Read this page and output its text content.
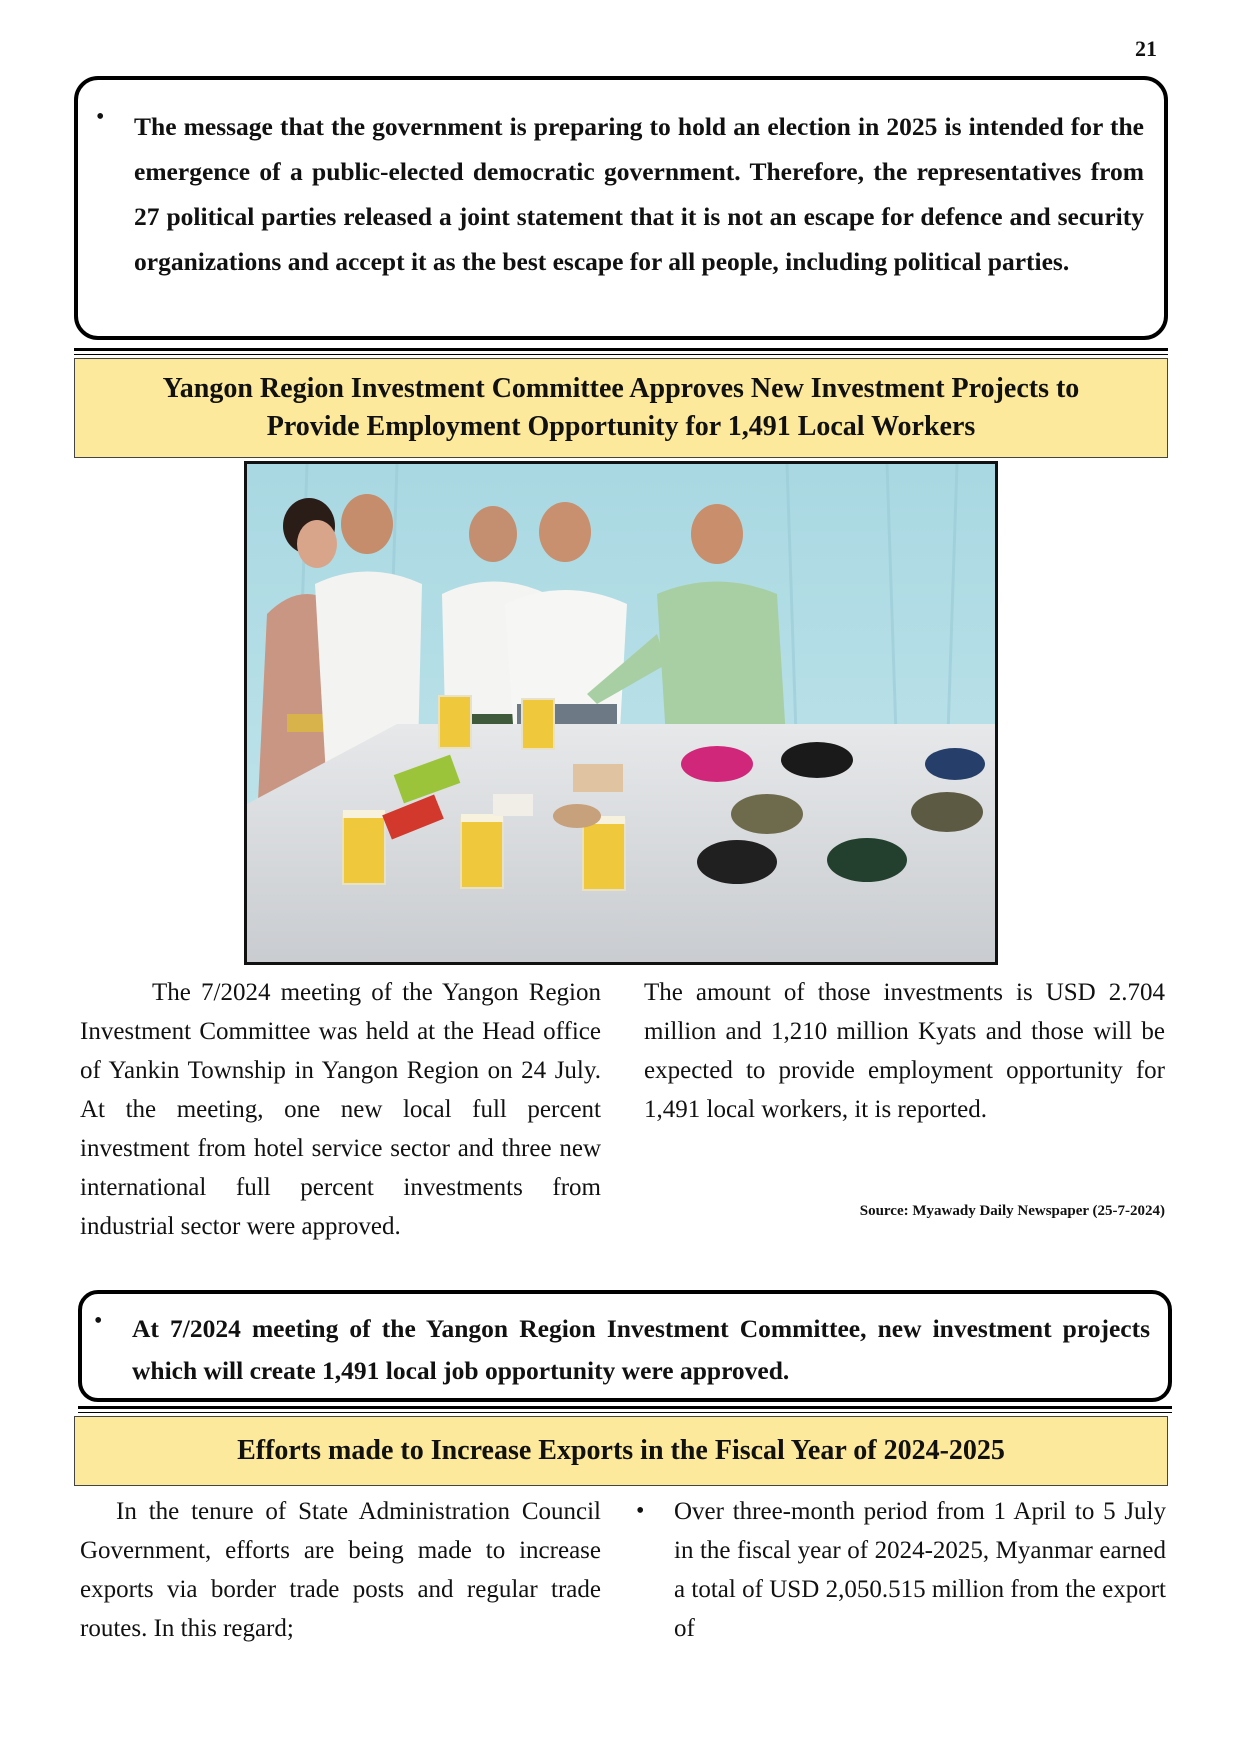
21
•	The message that the government is preparing to hold an election in 2025 is intended for the emergence of a public-elected democratic government. Therefore, the representatives from 27 political parties released a joint statement that it is not an escape for defence and security organizations and accept it as the best escape for all people, including political parties.
Yangon Region Investment Committee Approves New Investment Projects to
Provide Employment Opportunity for 1,491 Local Workers
The 7/2024 meeting of the Yangon Region Investment Committee was held at the Head office of Yankin Township in Yangon Region on 24 July. At the meeting, one new local full percent investment from hotel service sector and three new international full percent investments from industrial sector were approved.
The amount of those investments is USD 2.704 million and 1,210 million Kyats and those will be expected to provide employment opportunity for 1,491 local workers, it is reported.
Source: Myawady Daily Newspaper (25-7-2024)
•	At 7/2024 meeting of the Yangon Region Investment Committee, new investment projects which will create 1,491 local job opportunity were approved.
Efforts made to Increase Exports in the Fiscal Year of 2024-2025
In the tenure of State Administration Council Government, efforts are being made to increase exports via border trade posts and regular trade routes. In this regard;
•	Over three-month period from 1 April to 5 July in the fiscal year of 2024-2025, Myanmar earned a total of USD 2,050.515 million from the export of
